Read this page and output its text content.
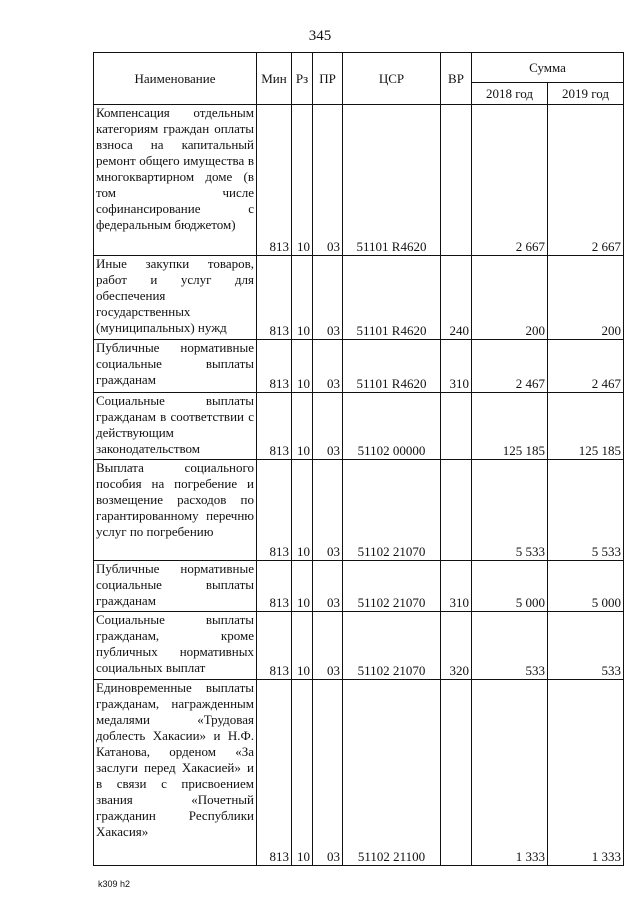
345
Наименование	Мин	Рз	ПР	ЦСР	ВР	Сумма	
						2018 год	2019 год
Компенсация отдельным категориям граждан оплаты взноса на капитальный ремонт общего имущества в многоквартирном доме (в том числе софинансирование с федеральным бюджетом)	813	10	03	51101 R4620		2 667	2 667
Иные закупки товаров, работ и услуг для обеспечения государственных (муниципальных) нужд	813	10	03	51101 R4620	240	200	200
Публичные нормативные социальные выплаты гражданам	813	10	03	51101 R4620	310	2 467	2 467
Социальные выплаты гражданам в соответствии с действующим законодательством	813	10	03	51102 00000		125 185	125 185
Выплата социального пособия на погребение и возмещение расходов по гарантированному перечню услуг по погребению	813	10	03	51102 21070		5 533	5 533
Публичные нормативные социальные выплаты гражданам	813	10	03	51102 21070	310	5 000	5 000
Социальные выплаты гражданам, кроме публичных нормативных социальных выплат	813	10	03	51102 21070	320	533	533
Единовременные выплаты гражданам, награжденным медалями «Трудовая доблесть Хакасии» и Н.Ф. Катанова, орденом «За заслуги перед Хакасией» и в связи с присвоением звания «Почетный гражданин Республики Хакасия»	813	10	03	51102 21100		1 333	1 333
k309 h2
